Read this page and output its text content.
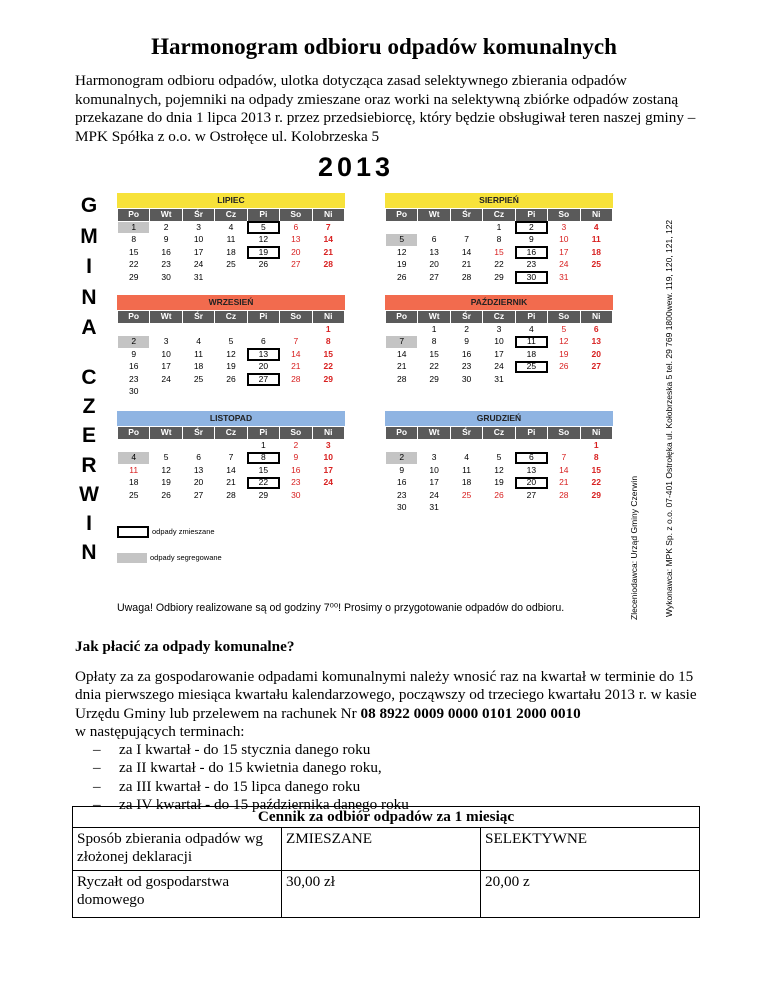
Harmonogram odbioru odpadów komunalnych
Harmonogram odbioru odpadów, ulotka dotycząca zasad selektywnego zbierania odpadów komunalnych, pojemniki na odpady zmieszane oraz worki na selektywną zbiórke odpadów zostaną przekazane do dnia 1 lipca 2013 r. przez przedsiebiorcę, który będzie obsługiwał teren naszej gminy – MPK Spółka z o.o. w Ostrołęce ul. Kolobrzeska 5
2013
G
M
I
N
A
C
Z
E
R
W
I
N
LIPIEC
Po	Wt	Śr	Cz	Pi	So	Ni
1	2	3	4	5	6	7
8	9	10	11	12	13	14
15	16	17	18	19	20	21
22	23	24	25	26	27	28
29	30	31				
SIERPIEŃ
Po	Wt	Śr	Cz	Pi	So	Ni
			1	2	3	4
5	6	7	8	9	10	11
12	13	14	15	16	17	18
19	20	21	22	23	24	25
26	27	28	29	30	31	
WRZESIEŃ
Po	Wt	Śr	Cz	Pi	So	Ni
						1
2	3	4	5	6	7	8
9	10	11	12	13	14	15
16	17	18	19	20	21	22
23	24	25	26	27	28	29
30						
PAŹDZIERNIK
Po	Wt	Śr	Cz	Pi	So	Ni
	1	2	3	4	5	6
7	8	9	10	11	12	13
14	15	16	17	18	19	20
21	22	23	24	25	26	27
28	29	30	31			
LISTOPAD
Po	Wt	Śr	Cz	Pi	So	Ni
				1	2	3
4	5	6	7	8	9	10
11	12	13	14	15	16	17
18	19	20	21	22	23	24
25	26	27	28	29	30	
GRUDZIEŃ
Po	Wt	Śr	Cz	Pi	So	Ni
						1
2	3	4	5	6	7	8
9	10	11	12	13	14	15
16	17	18	19	20	21	22
23	24	25	26	27	28	29
30	31					
odpady zmieszane
odpady segregowane
Uwaga! Odbiory realizowane są od godziny 7⁰⁰! Prosimy o przygotowanie odpadów do odbioru.	Zleceniodawca: Urząd Gminy Czerwin	Wykonawca: MPK Sp. z o.o. 07-401 Ostrołęka ul. Kołobrzeska 5 tel. 29 769 1800wew. 119, 120, 121, 122
Jak płacić za odpady komunalne?
Opłaty za za gospodarowanie odpadami komunalnymi należy wnosić raz na kwartał w terminie do 15 dnia pierwszego miesiąca kwartału kalendarzowego, począwszy od trzeciego kwartału 2013 r. w kasie Urzędu Gminy lub przelewem na rachunek Nr 08 8922 0009 0000 0101 2000 0010
w następujących terminach:
– za I kwartał - do 15 stycznia danego roku
– za II kwartał - do 15 kwietnia danego roku,
– za III kwartał - do 15 lipca danego roku
– za IV kwartał - do 15 października danego roku
Cennik za odbiór odpadów za 1 miesiąc		
Sposób zbierania odpadów wg złożonej deklaracji	ZMIESZANE	SELEKTYWNE
Ryczałt od gospodarstwa domowego	30,00 zł	20,00 z
